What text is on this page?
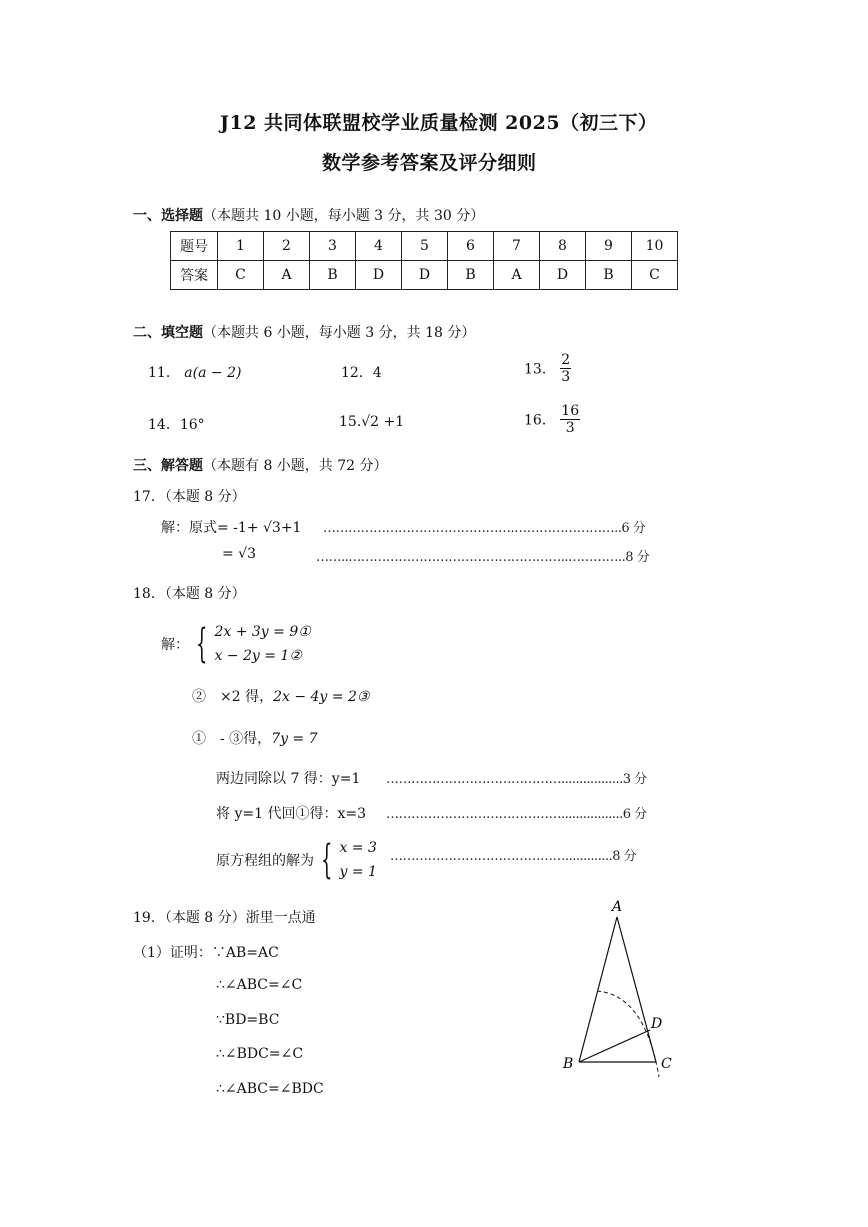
J12 共同体联盟校学业质量检测 2025（初三下）
数学参考答案及评分细则
一、选择题（本题共 10 小题，每小题 3 分，共 30 分）
题号	1	2	3	4	5	6	7	8	9	10
答案	C	A	B	D	D	B	A	D	B	C
二、填空题（本题共 6 小题，每小题 3 分，共 18 分）
11． a(a − 2)	12．4	13． $\frac{2}{3}$
14．16°	15.√2 +1	16． $\frac{16}{3}$
三、解答题（本题有 8 小题，共 72 分）
17．（本题 8 分）
解：原式= -1+ √3+1 ……………………………………….……………………..6 分
= √3	……..……………………………………………..…………..8 分
18．（本题 8 分）
解： { 2x + 3y = 9①
x − 2y = 1②
②　×2 得，2x − 4y = 2③
①　- ③得，7y = 7
两边同除以 7 得：y=1 …………………………………….................3 分
将 y=1 代回①得：x=3 …………………………………….................6 分
原方程组的解为 { x = 3
y = 1
…………………………………….............8 分
19．（本题 8 分）浙里一点通
（1）证明：∵AB=AC
∴∠ABC=∠C
∵BD=BC
∴∠BDC=∠C
∴∠ABC=∠BDC
A
B	C
D
